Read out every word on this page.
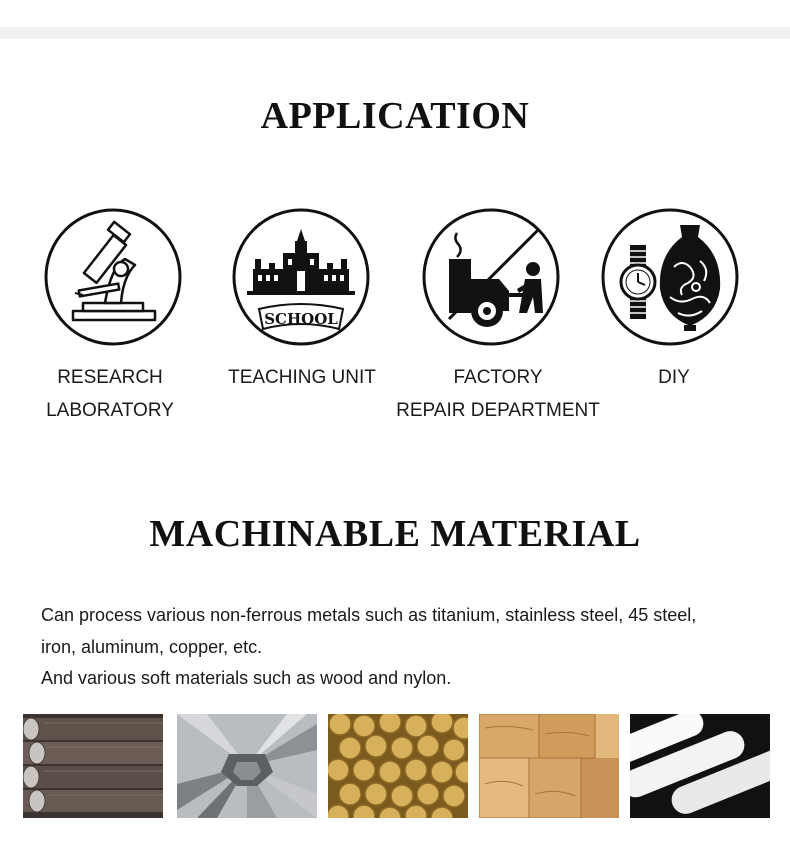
APPLICATION
SCHOOL
RESEARCH
LABORATORY
TEACHING UNIT	FACTORY
REPAIR DEPARTMENT
DIY
MACHINABLE MATERIAL
Can process various non-ferrous metals such as titanium, stainless steel, 45 steel,
iron, aluminum, copper, etc.
And various soft materials such as wood and nylon.
